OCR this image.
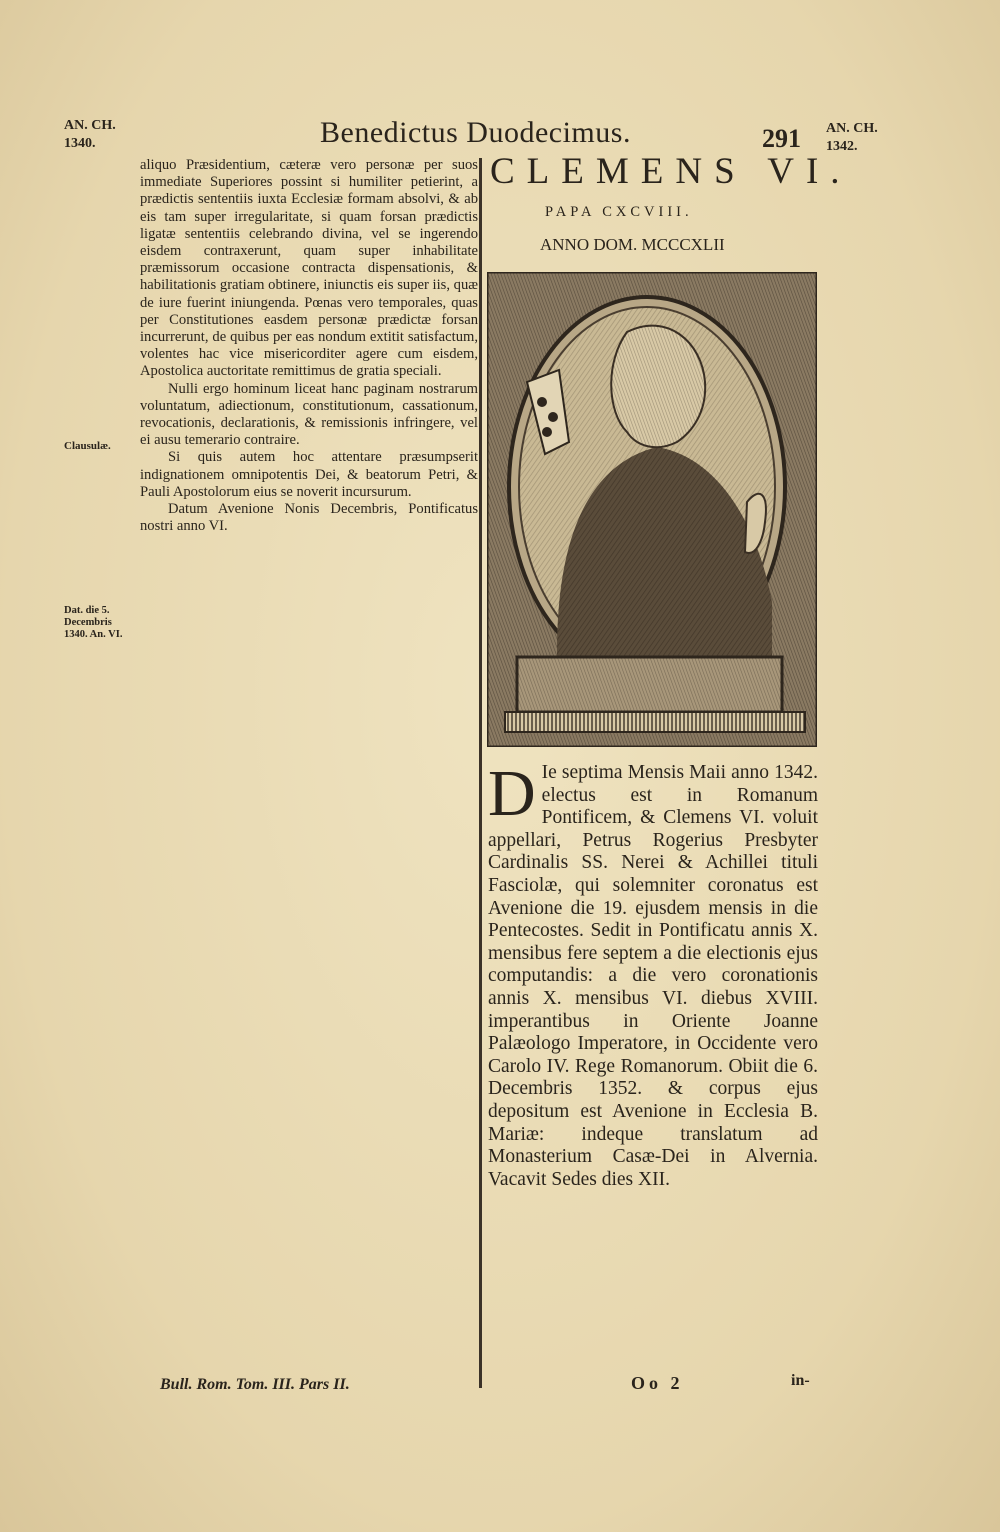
AN. CH.
1340.	Benedictus Duodecimus.	291 AN. CH.
1342.

aliquo Præsidentium, cæteræ vero personæ per suos immediate Superiores possint si humiliter petierint, a prædictis sententiis iuxta Ecclesiæ formam absolvi, & ab eis tam super irregularitate, si quam forsan prædictis ligatæ sententiis celebrando divina, vel se ingerendo eisdem contraxerunt, quam super inhabilitate præmissorum occasione contracta dispensationis, & habilitationis gratiam obtinere, iniunctis eis super iis, quæ de iure fuerint iniungenda. Pœnas vero temporales, quas per Constitutiones easdem personæ prædictæ forsan incurrerunt, de quibus per eas nondum extitit satisfactum, volentes hac vice misericorditer agere cum eisdem, Apostolica auctoritate remittimus de gratia speciali.

Nulli ergo hominum liceat hanc paginam nostrarum voluntatum, adiectionum, constitutionum, cassationum, revocationis, declarationis, & remissionis infringere, vel ei ausu temerario contraire.

Si quis autem hoc attentare præsumpserit indignationem omnipotentis Dei, & beatorum Petri, & Pauli Apostolorum eius se noverit incursurum.

Datum Avenione Nonis Decembris, Pontificatus nostri anno VI.

Clausulæ.
Dat. die 5.
Decembris
1340. An. VI.
CLEMENS VI.
PAPA CXCVIII.
ANNO DOM. MCCCXLII
D Ie septima Mensis Maii anno 1342. electus est in Romanum Pontificem, & Clemens VI. voluit appellari, Petrus Rogerius Presbyter Cardinalis SS. Nerei & Achillei tituli Fasciolæ, qui solemniter coronatus est Avenione die 19. ejusdem mensis in die Pentecostes. Sedit in Pontificatu annis X. mensibus fere septem a die electionis ejus computandis: a die vero coronationis annis X. mensibus VI. diebus XVIII. imperantibus in Oriente Joanne Palæologo Imperatore, in Occidente vero Carolo IV. Rege Romanorum. Obiit die 6. Decembris 1352. & corpus ejus depositum est Avenione in Ecclesia B. Mariæ: indeque translatum ad Monasterium Casæ-Dei in Alvernia. Vacavit Sedes dies XII.
Bull. Rom. Tom. III. Pars II.	Oo 2	in-
